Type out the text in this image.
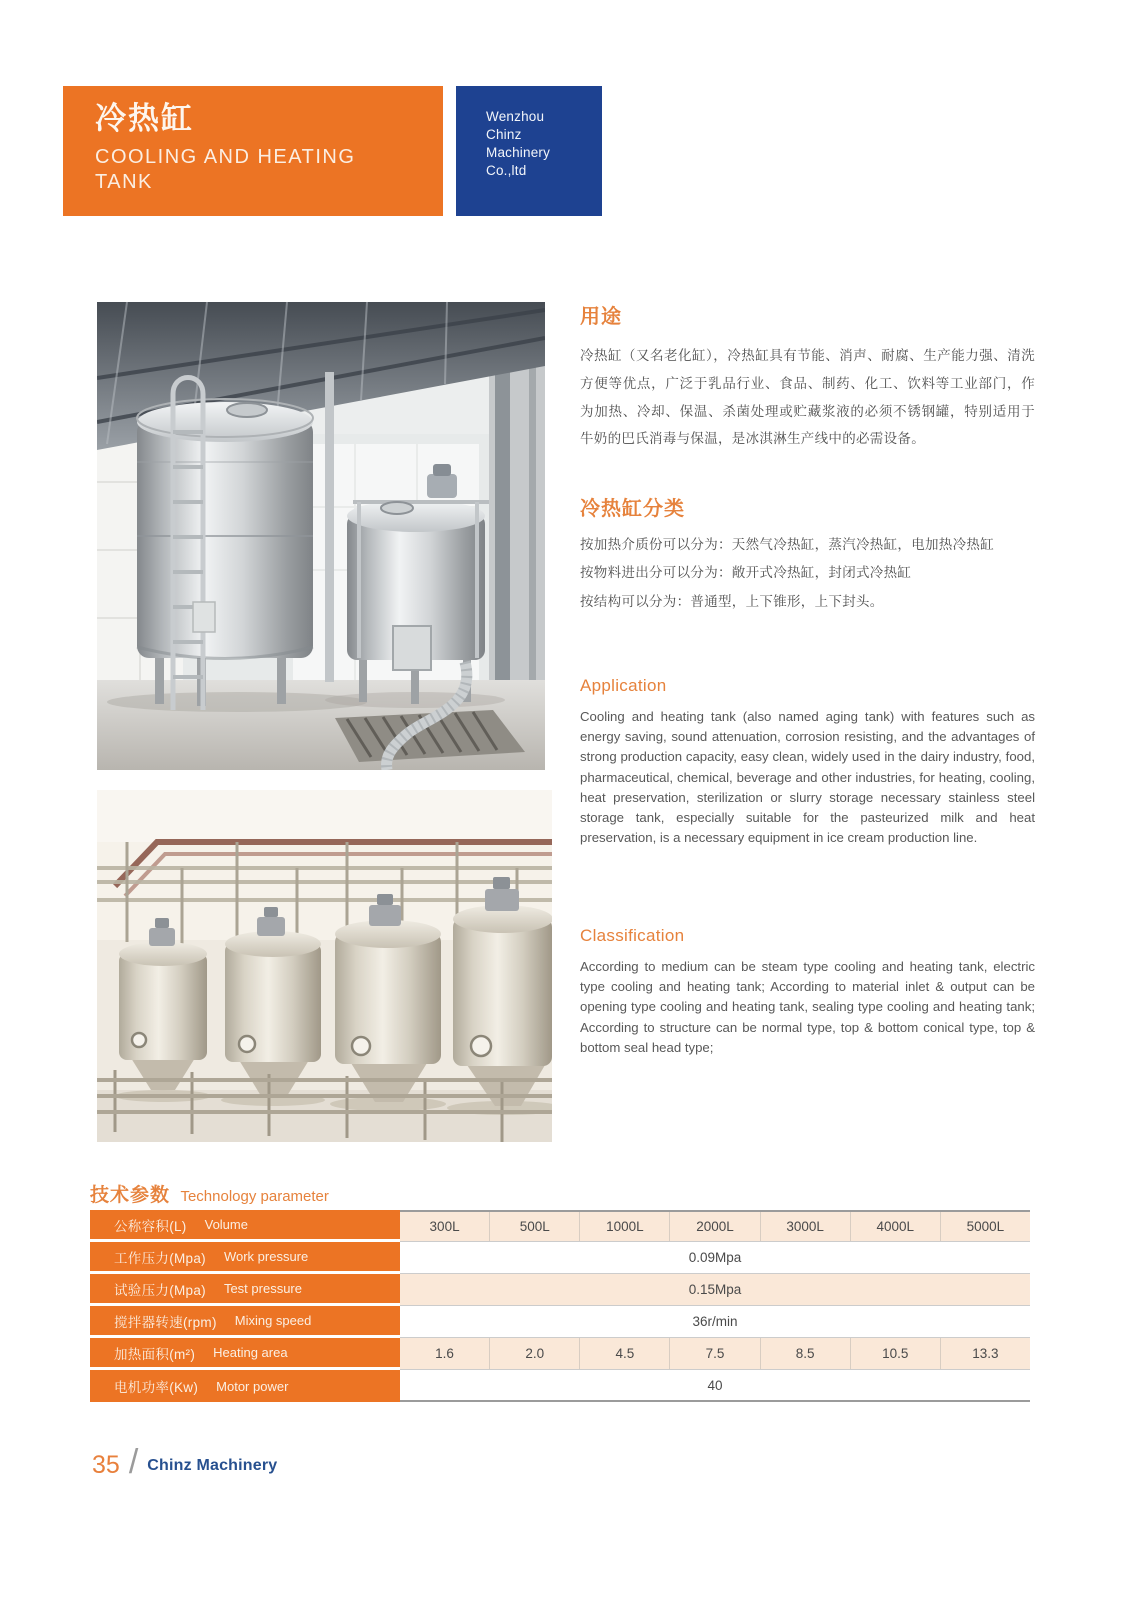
冷热缸
COOLING AND HEATING
TANK
Wenzhou
Chinz
Machinery
Co.,ltd
用途
冷热缸（又名老化缸），冷热缸具有节能、消声、耐腐、生产能力强、清洗方便等优点，广泛于乳品行业、食品、制药、化工、饮料等工业部门，作为加热、冷却、保温、杀菌处理或贮藏浆液的必须不锈钢罐，特别适用于牛奶的巴氏消毒与保温，是冰淇淋生产线中的必需设备。
冷热缸分类
按加热介质份可以分为：天然气冷热缸，蒸汽冷热缸，电加热冷热缸
按物料进出分可以分为：敞开式冷热缸，封闭式冷热缸
按结构可以分为：普通型，上下锥形，上下封头。
Application
Cooling and heating tank (also named aging tank) with features such as energy saving, sound attenuation, corrosion resisting, and the advantages of strong production capacity, easy clean, widely used in the dairy industry, food, pharmaceutical, chemical, beverage and other industries, for heating, cooling, heat preservation, sterilization or slurry storage necessary stainless steel storage tank, especially suitable for the pasteurized milk and heat preservation, is a necessary equipment in ice cream production line.
Classification
According to medium can be steam type cooling and heating tank, electric type cooling and heating tank; According to material inlet & output can be opening type cooling and heating tank, sealing type cooling and heating tank; According to structure can be normal type, top & bottom conical type, top & bottom seal head type;
技术参数 Technology parameter
公称容积(L) Volume	300L	500L	1000L	2000L	3000L	4000L	5000L
工作压力(Mpa) Work pressure	0.09Mpa
试验压力(Mpa) Test pressure	0.15Mpa
搅拌器转速(rpm) Mixing speed	36r/min
加热面积(m²) Heating area	1.6	2.0	4.5	7.5	8.5	10.5	13.3
电机功率(Kw) Motor power	40
35 / Chinz Machinery
